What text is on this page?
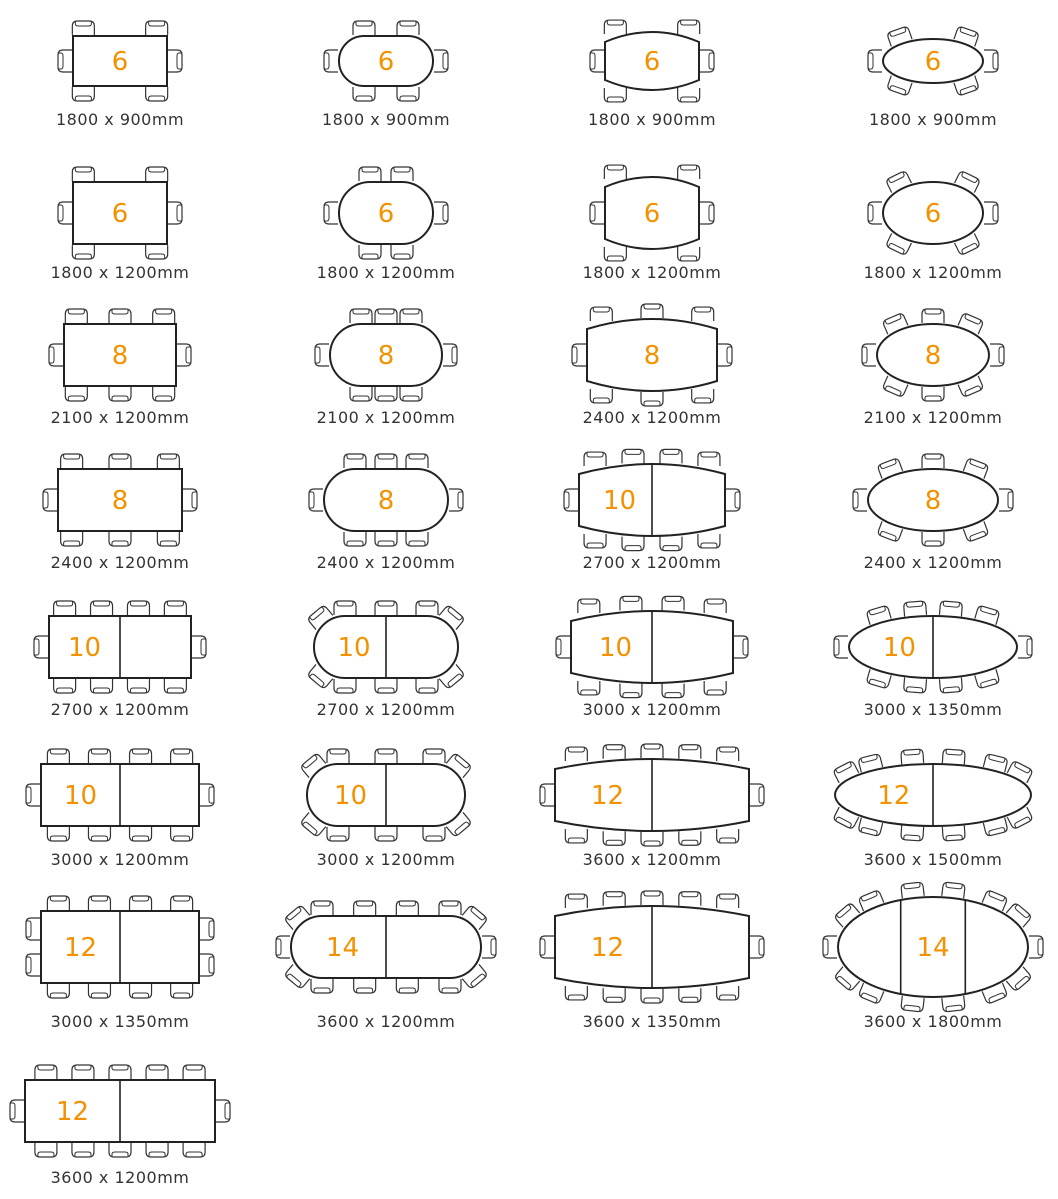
6	6	6	6
6	6	6	6
8	8	8	8
8	8	10	8
10	10	10	10
10	10	12	12
12	14	12	14
12
1800 x 900mm	1800 x 900mm	1800 x 900mm	1800 x 900mm
1800 x 1200mm	1800 x 1200mm	1800 x 1200mm	1800 x 1200mm
2100 x 1200mm	2100 x 1200mm	2400 x 1200mm	2100 x 1200mm
2400 x 1200mm	2400 x 1200mm	2700 x 1200mm	2400 x 1200mm
2700 x 1200mm	2700 x 1200mm	3000 x 1200mm	3000 x 1350mm
3000 x 1200mm	3000 x 1200mm	3600 x 1200mm	3600 x 1500mm
3000 x 1350mm	3600 x 1200mm	3600 x 1350mm	3600 x 1800mm
3600 x 1200mm
